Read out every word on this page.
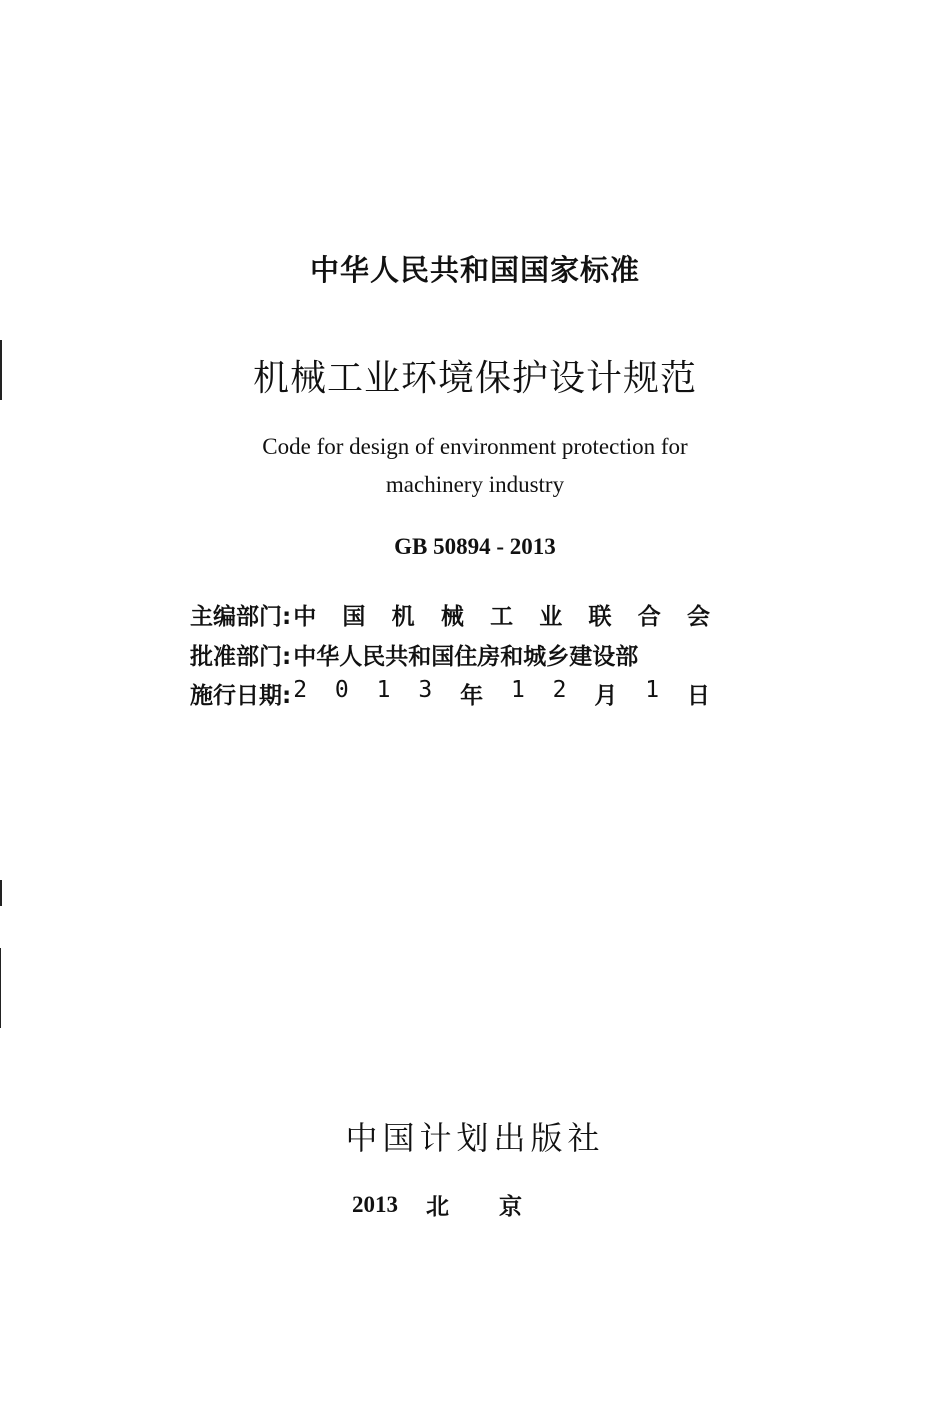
中华人民共和国国家标准
机械工业环境保护设计规范
Code for design of environment protection for
machinery industry
GB 50894 - 2013
主编部门: 中 国 机 械 工 业 联 合 会
批准部门: 中华人民共和国住房和城乡建设部
施行日期: 2 0 1 3 年 1 2 月 1 日
中国计划出版社
2013 北京
